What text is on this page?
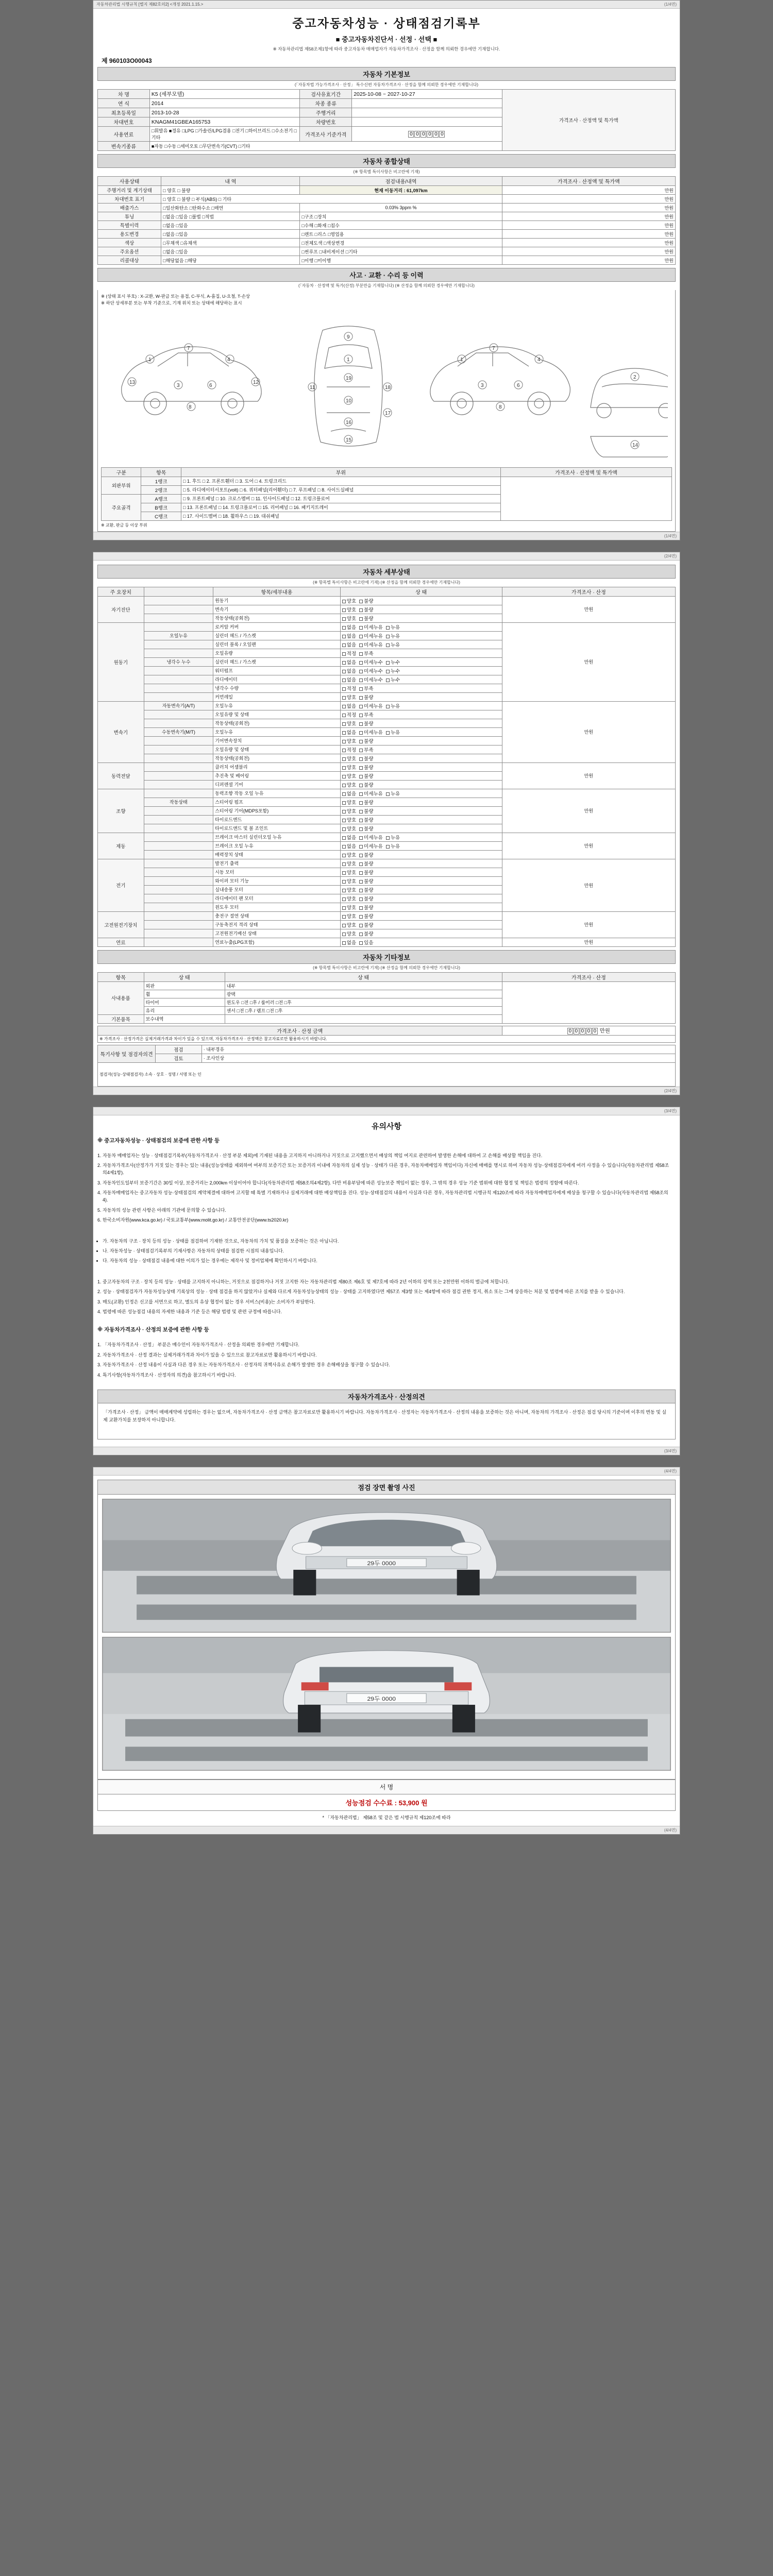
자동차관리법 시행규칙 [별지 제82호의2] <개정 2021.1.15.>	(1/4면)
중고자동차성능 · 상태점검기록부
■ 중고자동차진단서 · 선정 · 선택 ■
※ 자동차관리법 제58조제1항에 따라 중고자동차 매매업자가 자동차가격조사 · 산정을 함께 의뢰한 경우에만 기재합니다.
제 960103O00043
자동차 기본정보
(「자동차법 가능가격조사 · 산정」 특수신편 자동차가격조사 · 산정을 함께 의뢰한 경우에만 기재합니다)
차 명	K5 (세부모델)	검사유효기간	2025-10-08 ~ 2027-10-27	가격조사 · 산정액 및 특가액
연 식	2014	차종 종류		
최초등록일	2013-10-28	주행거리		
차대번호	KNAGM41GBEA165753	차량번호		
사용연료	□휘발유 ■경유 □LPG □가솔린/LPG겸용 □전기 □하이브리드 □수소전기 □기타	가격조사 기준가격	0 0 0 0 0 0	
변속기종류	■자동 □수동 □세미오토 □무단변속기(CVT) □기타			
자동차 종합상태
(※ 항목별 특이사항은 비고란에 기재)
사용상태	내 역	점검내용/내역	가격조사 · 산정액 및 특가액
주행거리 및 계기상태	□ 양호 □ 불량	현재 이동거리 : 61,097km	만원
차대번호 표기	□ 양호 □ 불량 □ 부식(ABS) □ 기타		만원
배출가스	□일산화탄소 □탄화수소 □매연	0.03% 3ppm %	만원
튜닝	□없음 □있음 □불법 □적법	□구조 □장치	만원
특별이력	□없음 □있음	□수해 □화재 □침수	만원
용도변경	□없음 □있음	□렌트 □리스 □영업용	만원
색상	□무채색 □유채색	□전체도색 □색상변경	만원
주요옵션	□없음 □있음	□썬루프 □내비게이션 □기타	만원
리콜대상	□해당없음 □해당	□이행 □미이행	만원
사고 · 교환 · 수리 등 이력
(「자동차 · 산정액 및 특가(산정) 부분만을 기재합니다) (※ 산정을 함께 의뢰한 경우에만 기재합니다)
※ (상태 표시 부호) : X-교환, W-판금 또는 용접, C-부식, A-흠집, U-요철, T-손상
※ 하단 상세부분 또는 부착 기준으로, 기재 위치 또는 상태에 해당하는 표시
1
7
4
13
3	6
8
12
9
1
19
10
16
15
11	18
17
1
7
4
3	6
8
2
14
구분	항목	부위	가격조사 · 산정액 및 특가액
외판부위	1랭크	□ 1. 후드 □ 2. 프론트휀더 □ 3. 도어 □ 4. 트렁크리드	
	2랭크	□ 5. 라디에이터서포트(volt) □ 6. 쿼터패널(리어휀더) □ 7. 루프패널 □ 8. 사이드실패널	
주요골격	A랭크	□ 9. 프론트패널 □ 10. 크로스멤버 □ 11. 인사이드패널 □ 12. 트렁크플로어	
	B랭크	□ 13. 프론트패널 □ 14. 트렁크플로어 □ 15. 리어패널 □ 16. 패키지트레이	
	C랭크	□ 17. 사이드멤버 □ 18. 휠하우스 □ 19. 대쉬패널	
※ 교환, 판금 등 이상 부위
(1/4면)
(2/4면)
자동차 세부상태
(※ 항목별 특이사항은 비고란에 기재) (※ 산정을 함께 의뢰한 경우에만 기재합니다)
주 요장치		항목/세부내용	상 태	가격조사 · 산정
자기진단		원동기	양호 불량	만원
		변속기	양호 불량	
		작동상태(공회전)	양호 불량	
원동기		로커암 커버	없음 미세누유 누유	만원
	오일누유	실린더 헤드 / 가스켓	없음 미세누유 누유	
		실린더 블록 / 오일팬	없음 미세누유 누유	
		오일유량	적정 부족	
	냉각수 누수	실린더 헤드 / 가스켓	없음 미세누수 누수	
		워터펌프	없음 미세누수 누수	
		라디에이터	없음 미세누수 누수	
		냉각수 수량	적정 부족	
		커먼레일	양호 불량	
변속기	자동변속기(A/T)	오일누유	없음 미세누유 누유	만원
		오일유량 및 상태	적정 부족	
		작동상태(공회전)	양호 불량	
	수동변속기(M/T)	오일누유	없음 미세누유 누유	
		기어변속장치	양호 불량	
		오일유량 및 상태	적정 부족	
		작동상태(공회전)	양호 불량	
동력전달		클러치 어셈블리	양호 불량	만원
		추진축 및 베어링	양호 불량	
		디퍼렌셜 기어	양호 불량	
조향		동력조향 작동 오일 누유	없음 미세누유 누유	만원
	작동상태	스티어링 펌프	양호 불량	
		스티어링 기어(MDPS포함)	양호 불량	
		타이로드엔드	양호 불량	
		타이로드앤드 및 볼 조인트	양호 불량	
제동		브레이크 마스터 실린더오일 누유	없음 미세누유 누유	만원
		브레이크 오일 누유	없음 미세누유 누유	
		배력장치 상태	양호 불량	
전기		발전기 출력	양호 불량	만원
		시동 모터	양호 불량	
		와이퍼 모터 기능	양호 불량	
		실내송풍 모터	양호 불량	
		라디에이터 팬 모터	양호 불량	
		윈도우 모터	양호 불량	
고전원전기장치		충전구 절연 상태	양호 불량	만원
		구동축전지 격리 상태	양호 불량	
		고전원전기배선 상태	양호 불량	
연료		연료누출(LPG포함)	없음 있음	만원
자동차 기타정보
(※ 항목별 특이사항은 비고란에 기재) (※ 산정을 함께 의뢰한 경우에만 기재합니다)
항목	상 태	상 태	가격조사 · 산정
사내용품	외판	내부	
	휠	광택	
	타이어	윈도우 □전 □후 / 룸미러 □전 □후	
	유리	센서 □전 □후 / 램프 □전 □후	
기본품목	보수내역		
가격조사 · 산정 금액	0 0 0 0 0 만원
※ 가격조사 · 산정가격은 실제거래가격과 차이가 있을 수 있으며, 자동차가격조사 · 산정액은 참고자료로만 활용하시기 바랍니다.
특기사항 및 점검자의견	점검	· 내부경유
	검토	· 조사인상
점검자(성능·상태점검자) 소속 · 상호 · 성명 / 서명 또는 인		
(2/4면)
(3/4면)
유의사항
※ 중고자동차성능 · 상태점검의 보증에 관한 사항 등
1. 자동차 매매업자는 성능 · 상태점검기록부(자동차가격조사 · 산정 부분 제외)에 기재된 내용을 고지하지 아니하거나 거짓으로 고지했으면서 배상의 책임 여지로 관련하여 발생한 손해에 대하여 고 손해를 배상할 책임을 진다.
2. 자동차가격조사(산정가가 거짓 있는 경우는 있는 내용(성능상태를 제외하여 여부의 보증기간 또는 보증거리 이내에 자동차의 실제 성능 · 상태가 다른 경우, 자동차매매업자 책임이다) 자신에 매매를 명시로 하여 자동차 성능·상태점검자에게 여러 사정을 수 있습니다(자동차관리법 제58조의4제1항).
3. 자동차인도일부터 보증기간은 30일 이상, 보증거리는 2,000km 이상이어야 합니다(자동차관리법 제58조의4제2항). 다만 비용부담에 따른 성능보증 책임이 없는 경우, 그 밖의 경우 성능 기준 범위에 대한 협정 및 책임은 법령의 정함에 따른다.
4. 자동차매매업자는 중고자동차 성능·상태점검의 계약체결에 대하여 고지할 때 특별 기재하거나 실제거래에 대한 배상책임을 진다. 성능·상태점검의 내용이 사실과 다른 경우, 자동차관리법 시행규칙 제120조에 따라 자동차매매업자에게 배상을 청구할 수 있습니다(자동차관리법 제58조의4).
5. 자동차의 성능 관련 사항은 아래의 기관에 문의할 수 있습니다.
6. 한국소비자원(www.kca.go.kr) / 국토교통부(www.molit.go.kr) / 교통안전공단(www.ts2020.kr)
• 가. 자동차의 구조 · 장치 등의 성능 · 상태를 점검하여 기재한 것으로, 자동차의 가치 및 품질을 보증하는 것은 아닙니다.
• 나. 자동차성능 · 상태점검기록부의 기재사항은 자동차의 상태를 점검한 시점의 내용입니다.
• 다. 자동차의 성능 · 상태점검 내용에 대한 이의가 있는 경우에는 제작사 및 정비업체에 확인하시기 바랍니다.
1. 중고자동차의 구조 · 장치 등의 성능 · 상태를 고지하지 아니하는, 거짓으로 점검하거나 거짓 고지한 자는 자동차관리법 제80조 제6호 및 제7호에 따라 2년 이하의 징역 또는 2천만원 이하의 벌금에 처합니다.
2. 성능 · 상태점검자가 자동차성능상태 기록상의 성능 · 상태 점검을 하지 않았거나 실제와 다르게 자동차성능상태의 성능 · 상태를 고지하였다면 제57조 제3항 또는 제4항에 따라 점검 권한 정지, 취소 또는 그에 상응하는 처분 및 법령에 따른 조치를 받을 수 있습니다.
3. 매도(교환) 인정은 신고를 서면으로 하고, 별도의 유상 협정이 없는 경우 서비스(비용)는 소비자가 부담한다.
4. 법령에 따른 성능점검 내용의 자세한 내용과 기준 등은 해당 법령 및 관련 규정에 따릅니다.
※ 자동차가격조사 · 산정의 보증에 관한 사항 등
1. 「자동차가격조사 · 산정」 부분은 매수인이 자동차가격조사 · 산정을 의뢰한 경우에만 기재합니다.
2. 자동차가격조사 · 산정 결과는 실제거래가격과 차이가 있을 수 있으므로 참고자료로만 활용하시기 바랍니다.
3. 자동차가격조사 · 산정 내용이 사실과 다른 경우 또는 자동차가격조사 · 산정자의 귀책사유로 손해가 발생한 경우 손해배상을 청구할 수 있습니다.
4. 특기사항(자동차가격조사 · 산정자의 의견)을 참고하시기 바랍니다.
자동차가격조사 · 산정의견
「가격조사 · 산정」 금액이 매매계약에 성립하는 경우는 없으며, 자동차가격조사 · 산정 금액은 참고자료로만 활용하시기 바랍니다. 자동차가격조사 · 산정자는 자동차가격조사 · 산정의 내용을 보증하는 것은 아니며, 자동차의 가격조사 · 산정은 점검 당시의 기준이며 이후의 변동 및 실제 교환가치를 보장하지 아니합니다.
(3/4면)
(4/4면)
점검 장면 촬영 사진
29두 0000
29두 0000
서 명
성능점검 수수료 : 53,900 원
* 「자동차관리법」 제58조 및 같은 법 시행규칙 제120조에 따라
(4/4면)
